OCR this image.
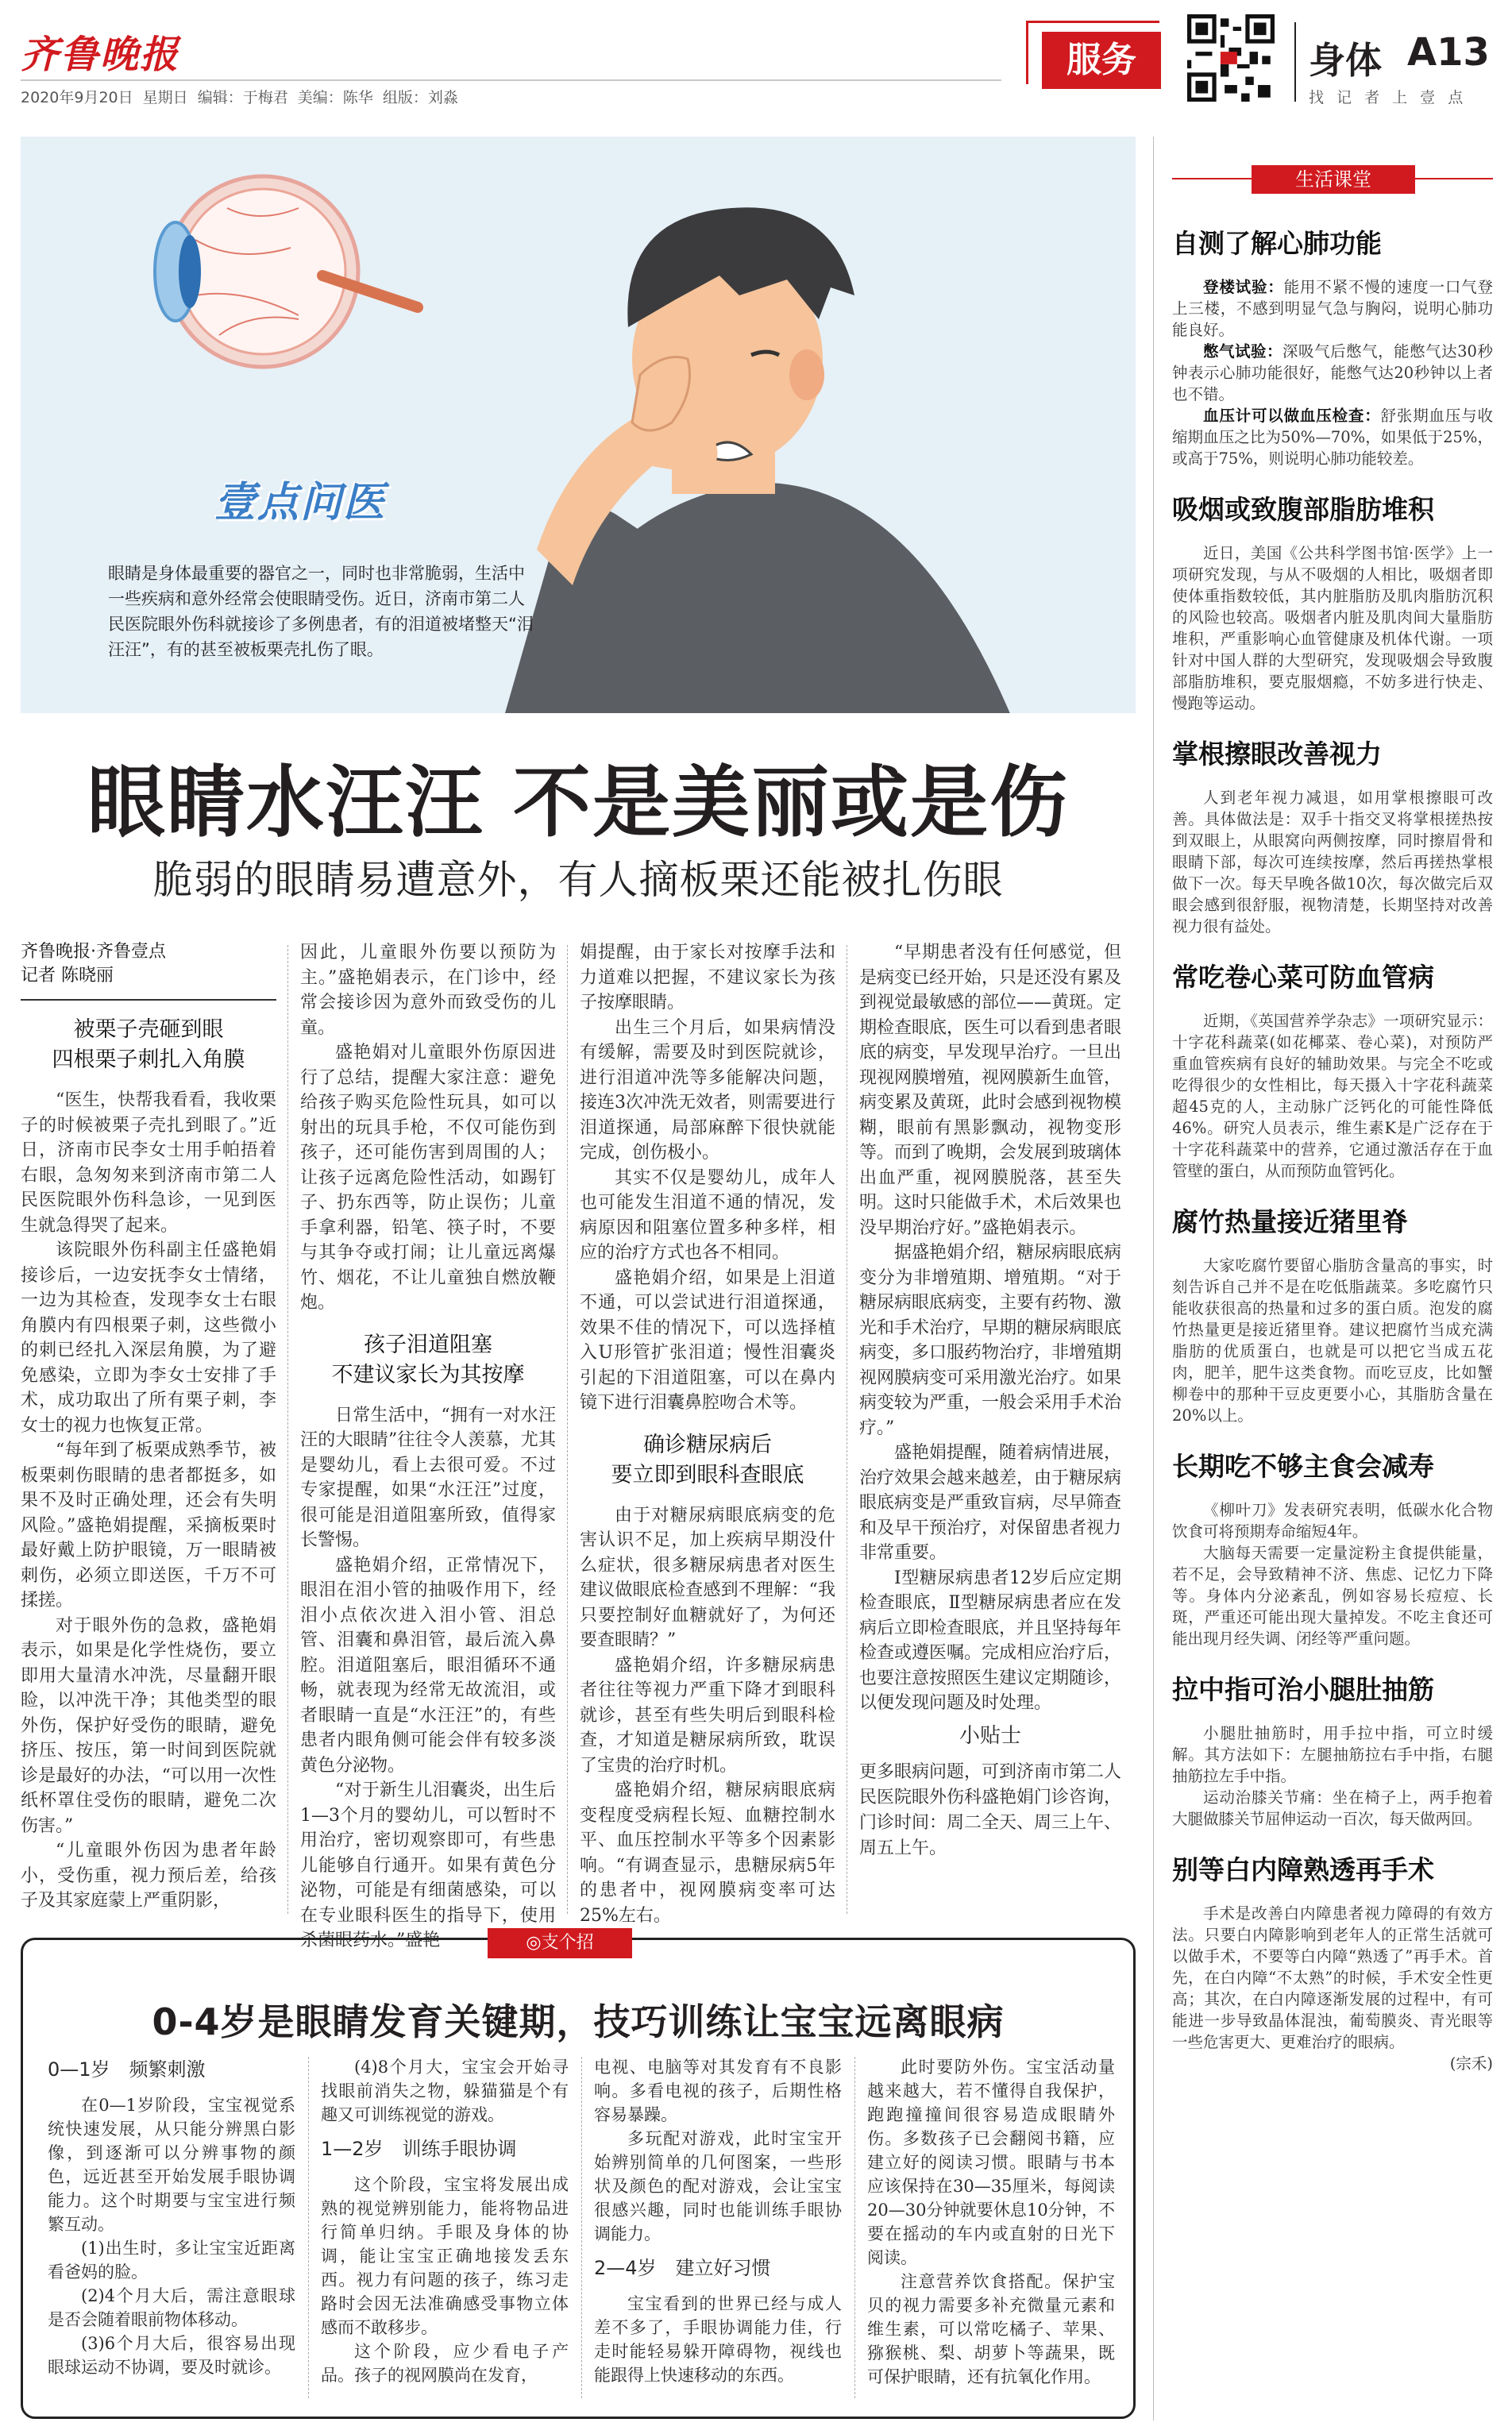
齐鲁晚报
2020年9月20日 星期日 编辑：于梅君 美编：陈华 组版：刘淼
服务	身体 A13
找 记 者 上 壹 点
壹点问医
眼睛是身体最重要的器官之一，同时也非常脆弱，生活中一些疾病和意外经常会使眼睛受伤。近日，济南市第二人民医院眼外伤科就接诊了多例患者，有的泪道被堵整天“泪汪汪”，有的甚至被板栗壳扎伤了眼。
眼睛水汪汪 不是美丽或是伤
脆弱的眼睛易遭意外，有人摘板栗还能被扎伤眼
齐鲁晚报·齐鲁壹点
记者 陈晓丽
被栗子壳砸到眼
四根栗子刺扎入角膜

“医生，快帮我看看，我收栗子的时候被栗子壳扎到眼了。”近日，济南市民李女士用手帕捂着右眼，急匆匆来到济南市第二人民医院眼外伤科急诊，一见到医生就急得哭了起来。

该院眼外伤科副主任盛艳娟接诊后，一边安抚李女士情绪，一边为其检查，发现李女士右眼角膜内有四根栗子刺，这些微小的刺已经扎入深层角膜，为了避免感染，立即为李女士安排了手术，成功取出了所有栗子刺，李女士的视力也恢复正常。

“每年到了板栗成熟季节，被板栗刺伤眼睛的患者都挺多，如果不及时正确处理，还会有失明风险。”盛艳娟提醒，采摘板栗时最好戴上防护眼镜，万一眼睛被刺伤，必须立即送医，千万不可揉搓。

对于眼外伤的急救，盛艳娟表示，如果是化学性烧伤，要立即用大量清水冲洗，尽量翻开眼睑，以冲洗干净；其他类型的眼外伤，保护好受伤的眼睛，避免挤压、按压，第一时间到医院就诊是最好的办法，“可以用一次性纸杯罩住受伤的眼睛，避免二次伤害。”

“儿童眼外伤因为患者年龄小，受伤重，视力预后差，给孩子及其家庭蒙上严重阴影，

因此，儿童眼外伤要以预防为主。”盛艳娟表示，在门诊中，经常会接诊因为意外而致受伤的儿童。

盛艳娟对儿童眼外伤原因进行了总结，提醒大家注意：避免给孩子购买危险性玩具，如可以射出的玩具手枪，不仅可能伤到孩子，还可能伤害到周围的人；让孩子远离危险性活动，如踢钉子、扔东西等，防止误伤；儿童手拿利器，铅笔、筷子时，不要与其争夺或打闹；让儿童远离爆竹、烟花，不让儿童独自燃放鞭炮。

孩子泪道阻塞
不建议家长为其按摩

日常生活中，“拥有一对水汪汪的大眼睛”往往令人羡慕，尤其是婴幼儿，看上去很可爱。不过专家提醒，如果“水汪汪”过度，很可能是泪道阻塞所致，值得家长警惕。

盛艳娟介绍，正常情况下，眼泪在泪小管的抽吸作用下，经泪小点依次进入泪小管、泪总管、泪囊和鼻泪管，最后流入鼻腔。泪道阻塞后，眼泪循环不通畅，就表现为经常无故流泪，或者眼睛一直是“水汪汪”的，有些患者内眼角侧可能会伴有较多淡黄色分泌物。

“对于新生儿泪囊炎，出生后1—3个月的婴幼儿，可以暂时不用治疗，密切观察即可，有些患儿能够自行通开。如果有黄色分泌物，可能是有细菌感染，可以在专业眼科医生的指导下，使用杀菌眼药水。”盛艳

娟提醒，由于家长对按摩手法和力道难以把握，不建议家长为孩子按摩眼睛。

出生三个月后，如果病情没有缓解，需要及时到医院就诊，进行泪道冲洗等多能解决问题，接连3次冲洗无效者，则需要进行泪道探通，局部麻醉下很快就能完成，创伤极小。

其实不仅是婴幼儿，成年人也可能发生泪道不通的情况，发病原因和阻塞位置多种多样，相应的治疗方式也各不相同。

盛艳娟介绍，如果是上泪道不通，可以尝试进行泪道探通，效果不佳的情况下，可以选择植入U形管扩张泪道；慢性泪囊炎引起的下泪道阻塞，可以在鼻内镜下进行泪囊鼻腔吻合术等。

确诊糖尿病后
要立即到眼科查眼底

由于对糖尿病眼底病变的危害认识不足，加上疾病早期没什么症状，很多糖尿病患者对医生建议做眼底检查感到不理解：“我只要控制好血糖就好了，为何还要查眼睛？”

盛艳娟介绍，许多糖尿病患者往往等视力严重下降才到眼科就诊，甚至有些失明后到眼科检查，才知道是糖尿病所致，耽误了宝贵的治疗时机。

盛艳娟介绍，糖尿病眼底病变程度受病程长短、血糖控制水平、血压控制水平等多个因素影响。“有调查显示，患糖尿病5年的患者中，视网膜病变率可达25%左右。

“早期患者没有任何感觉，但是病变已经开始，只是还没有累及到视觉最敏感的部位——黄斑。定期检查眼底，医生可以看到患者眼底的病变，早发现早治疗。一旦出现视网膜增殖，视网膜新生血管，病变累及黄斑，此时会感到视物模糊，眼前有黑影飘动，视物变形等。而到了晚期，会发展到玻璃体出血严重，视网膜脱落，甚至失明。这时只能做手术，术后效果也没早期治疗好。”盛艳娟表示。

据盛艳娟介绍，糖尿病眼底病变分为非增殖期、增殖期。“对于糖尿病眼底病变，主要有药物、激光和手术治疗，早期的糖尿病眼底病变，多口服药物治疗，非增殖期视网膜病变可采用激光治疗。如果病变较为严重，一般会采用手术治疗。”

盛艳娟提醒，随着病情进展，治疗效果会越来越差，由于糖尿病眼底病变是严重致盲病，尽早筛查和及早干预治疗，对保留患者视力非常重要。

Ⅰ型糖尿病患者12岁后应定期检查眼底，Ⅱ型糖尿病患者应在发病后立即检查眼底，并且坚持每年检查或遵医嘱。完成相应治疗后，也要注意按照医生建议定期随诊，以便发现问题及时处理。

小贴士
更多眼病问题，可到济南市第二人民医院眼外伤科盛艳娟门诊咨询，门诊时间：周二全天、周三上午、周五上午。
◎支个招
0-4岁是眼睛发育关键期，技巧训练让宝宝远离眼病
0—1岁　频繁刺激

在0—1岁阶段，宝宝视觉系统快速发展，从只能分辨黑白影像，到逐渐可以分辨事物的颜色，远近甚至开始发展手眼协调能力。这个时期要与宝宝进行频繁互动。

(1)出生时，多让宝宝近距离看爸妈的脸。

(2)4个月大后，需注意眼球是否会随着眼前物体移动。

(3)6个月大后，很容易出现眼球运动不协调，要及时就诊。

(4)8个月大，宝宝会开始寻找眼前消失之物，躲猫猫是个有趣又可训练视觉的游戏。

1—2岁　训练手眼协调

这个阶段，宝宝将发展出成熟的视觉辨别能力，能将物品进行简单归纳。手眼及身体的协调，能让宝宝正确地接发丢东西。视力有问题的孩子，练习走路时会因无法准确感受事物立体感而不敢移步。

这个阶段，应少看电子产品。孩子的视网膜尚在发育，

电视、电脑等对其发育有不良影响。多看电视的孩子，后期性格容易暴躁。

多玩配对游戏，此时宝宝开始辨别简单的几何图案，一些形状及颜色的配对游戏，会让宝宝很感兴趣，同时也能训练手眼协调能力。

2—4岁　建立好习惯

宝宝看到的世界已经与成人差不多了，手眼协调能力佳，行走时能轻易躲开障碍物，视线也能跟得上快速移动的东西。

此时要防外伤。宝宝活动量越来越大，若不懂得自我保护，跑跑撞撞间很容易造成眼睛外伤。多数孩子已会翻阅书籍，应建立好的阅读习惯。眼睛与书本应该保持在30—35厘米，每阅读20—30分钟就要休息10分钟，不要在摇动的车内或直射的日光下阅读。

注意营养饮食搭配。保护宝贝的视力需要多补充微量元素和维生素，可以常吃橘子、苹果、猕猴桃、梨、胡萝卜等蔬果，既可保护眼睛，还有抗氧化作用。

生活课堂
自测了解心肺功能

登楼试验：能用不紧不慢的速度一口气登上三楼，不感到明显气急与胸闷，说明心肺功能良好。

憋气试验：深吸气后憋气，能憋气达30秒钟表示心肺功能很好，能憋气达20秒钟以上者也不错。

血压计可以做血压检查：舒张期血压与收缩期血压之比为50%—70%，如果低于25%，或高于75%，则说明心肺功能较差。

吸烟或致腹部脂肪堆积

近日，美国《公共科学图书馆·医学》上一项研究发现，与从不吸烟的人相比，吸烟者即使体重指数较低，其内脏脂肪及肌肉脂肪沉积的风险也较高。吸烟者内脏及肌肉间大量脂肪堆积，严重影响心血管健康及机体代谢。一项针对中国人群的大型研究，发现吸烟会导致腹部脂肪堆积，要克服烟瘾，不妨多进行快走、慢跑等运动。

掌根擦眼改善视力

人到老年视力减退，如用掌根擦眼可改善。具体做法是：双手十指交叉将掌根搓热按到双眼上，从眼窝向两侧按摩，同时擦眉骨和眼睛下部，每次可连续按摩，然后再搓热掌根做下一次。每天早晚各做10次，每次做完后双眼会感到很舒服，视物清楚，长期坚持对改善视力很有益处。

常吃卷心菜可防血管病

近期，《英国营养学杂志》一项研究显示：十字花科蔬菜(如花椰菜、卷心菜)，对预防严重血管疾病有良好的辅助效果。与完全不吃或吃得很少的女性相比，每天摄入十字花科蔬菜超45克的人，主动脉广泛钙化的可能性降低46%。研究人员表示，维生素K是广泛存在于十字花科蔬菜中的营养，它通过激活存在于血管壁的蛋白，从而预防血管钙化。

腐竹热量接近猪里脊

大家吃腐竹要留心脂肪含量高的事实，时刻告诉自己并不是在吃低脂蔬菜。多吃腐竹只能收获很高的热量和过多的蛋白质。泡发的腐竹热量更是接近猪里脊。建议把腐竹当成充满脂肪的优质蛋白，也就是可以把它当成五花肉，肥羊，肥牛这类食物。而吃豆皮，比如蟹柳卷中的那种干豆皮更要小心，其脂肪含量在20%以上。

长期吃不够主食会减寿

《柳叶刀》发表研究表明，低碳水化合物饮食可将预期寿命缩短4年。

大脑每天需要一定量淀粉主食提供能量，若不足，会导致精神不济、焦虑、记忆力下降等。身体内分泌紊乱，例如容易长痘痘、长斑，严重还可能出现大量掉发。不吃主食还可能出现月经失调、闭经等严重问题。

拉中指可治小腿肚抽筋

小腿肚抽筋时，用手拉中指，可立时缓解。其方法如下：左腿抽筋拉右手中指，右腿抽筋拉左手中指。

运动治膝关节痛：坐在椅子上，两手抱着大腿做膝关节屈伸运动一百次，每天做两回。

别等白内障熟透再手术

手术是改善白内障患者视力障碍的有效方法。只要白内障影响到老年人的正常生活就可以做手术，不要等白内障“熟透了”再手术。首先，在白内障“不太熟”的时候，手术安全性更高；其次，在白内障逐渐发展的过程中，有可能进一步导致晶体混浊，葡萄膜炎、青光眼等一些危害更大、更难治疗的眼病。

(宗禾)
